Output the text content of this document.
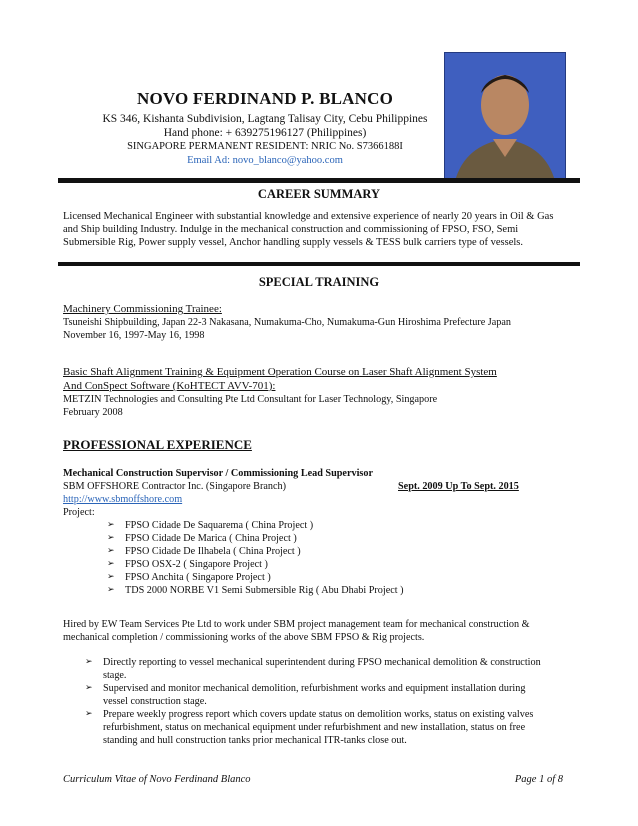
NOVO FERDINAND P. BLANCO
KS 346, Kishanta Subdivision, Lagtang Talisay City, Cebu Philippines
Hand phone: + 639275196127 (Philippines)
SINGAPORE PERMANENT RESIDENT: NRIC No. S7366188I
Email Ad: novo_blanco@yahoo.com
CAREER SUMMARY
Licensed Mechanical Engineer with substantial knowledge and extensive experience of nearly 20 years in Oil & Gas
and Ship building Industry. Indulge in the mechanical construction and commissioning of FPSO, FSO, Semi
Submersible Rig, Power supply vessel, Anchor handling supply vessels & TESS bulk carriers type of vessels.
SPECIAL TRAINING
Machinery Commissioning Trainee:
Tsuneishi Shipbuilding, Japan 22-3 Nakasana, Numakuma-Cho, Numakuma-Gun Hiroshima Prefecture Japan
November 16, 1997-May 16, 1998
Basic Shaft Alignment Training & Equipment Operation Course on Laser Shaft Alignment System
And ConSpect Software (KoHTECT AVV-701):
METZIN Technologies and Consulting Pte Ltd Consultant for Laser Technology, Singapore
February 2008
PROFESSIONAL EXPERIENCE
Mechanical Construction Supervisor / Commissioning Lead Supervisor
SBM OFFSHORE Contractor Inc. (Singapore Branch)	Sept. 2009 Up To Sept. 2015
http://www.sbmoffshore.com
Project:
➢ FPSO Cidade De Saquarema ( China Project )
➢ FPSO Cidade De Marica ( China Project )
➢ FPSO Cidade De Ilhabela ( China Project )
➢ FPSO OSX-2 ( Singapore Project )
➢ FPSO Anchita ( Singapore Project )
➢ TDS 2000 NORBE V1 Semi Submersible Rig ( Abu Dhabi Project )
Hired by EW Team Services Pte Ltd to work under SBM project management team for mechanical construction &
mechanical completion / commissioning works of the above SBM FPSO & Rig projects.
➢ Directly reporting to vessel mechanical superintendent during FPSO mechanical demolition & construction
stage.
➢ Supervised and monitor mechanical demolition, refurbishment works and equipment installation during
vessel construction stage.
➢ Prepare weekly progress report which covers update status on demolition works, status on existing valves
refurbishment, status on mechanical equipment under refurbishment and new installation, status on free
standing and hull construction tanks prior mechanical ITR-tanks close out.
Curriculum Vitae of Novo Ferdinand Blanco	Page 1 of 8
